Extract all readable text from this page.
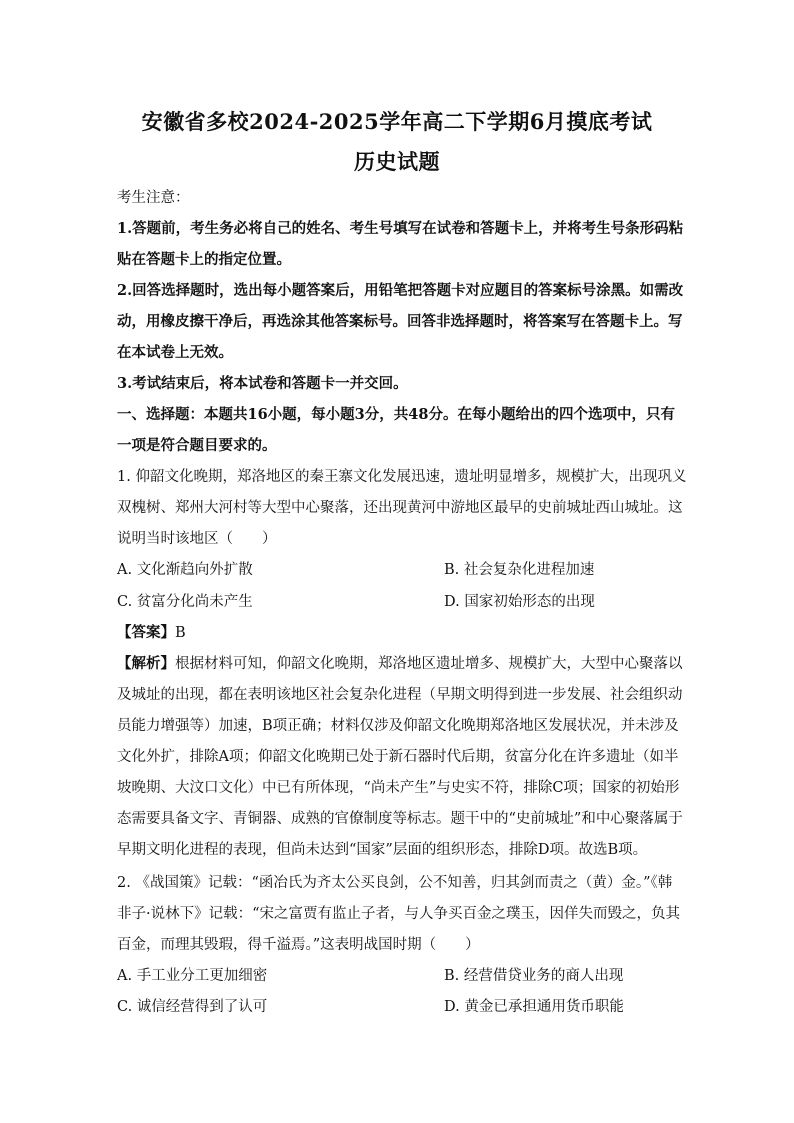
安徽省多校2024-2025学年高二下学期6月摸底考试
历史试题
考生注意：
1.答题前，考生务必将自己的姓名、考生号填写在试卷和答题卡上，并将考生号条形码粘
贴在答题卡上的指定位置。
2.回答选择题时，选出每小题答案后，用铅笔把答题卡对应题目的答案标号涂黑。如需改
动，用橡皮擦干净后，再选涂其他答案标号。回答非选择题时，将答案写在答题卡上。写
在本试卷上无效。
3.考试结束后，将本试卷和答题卡一并交回。
一、选择题：本题共16小题，每小题3分，共48分。在每小题给出的四个选项中，只有
一项是符合题目要求的。
1. 仰韶文化晚期，郑洛地区的秦王寨文化发展迅速，遗址明显增多，规模扩大，出现巩义
双槐树、郑州大河村等大型中心聚落，还出现黄河中游地区最早的史前城址西山城址。这
说明当时该地区（　　）
A. 文化渐趋向外扩散	B. 社会复杂化进程加速
C. 贫富分化尚未产生	D. 国家初始形态的出现
【答案】B
【解析】根据材料可知，仰韶文化晚期，郑洛地区遗址增多、规模扩大，大型中心聚落以
及城址的出现，都在表明该地区社会复杂化进程（早期文明得到进一步发展、社会组织动
员能力增强等）加速，B项正确；材料仅涉及仰韶文化晚期郑洛地区发展状况，并未涉及
文化外扩，排除A项；仰韶文化晚期已处于新石器时代后期，贫富分化在许多遗址（如半
坡晚期、大汶口文化）中已有所体现，“尚未产生”与史实不符，排除C项；国家的初始形
态需要具备文字、青铜器、成熟的官僚制度等标志。题干中的“史前城址”和中心聚落属于
早期文明化进程的表现，但尚未达到“国家”层面的组织形态，排除D项。故选B项。
2. 《战国策》记载：“函冶氏为齐太公买良剑，公不知善，归其剑而责之（黄）金。”《韩
非子·说林下》记载：“宋之富贾有监止子者，与人争买百金之璞玉，因佯失而毁之，负其
百金，而理其毁瑕，得千溢焉。”这表明战国时期（　　）
A. 手工业分工更加细密	B. 经营借贷业务的商人出现
C. 诚信经营得到了认可	D. 黄金已承担通用货币职能
